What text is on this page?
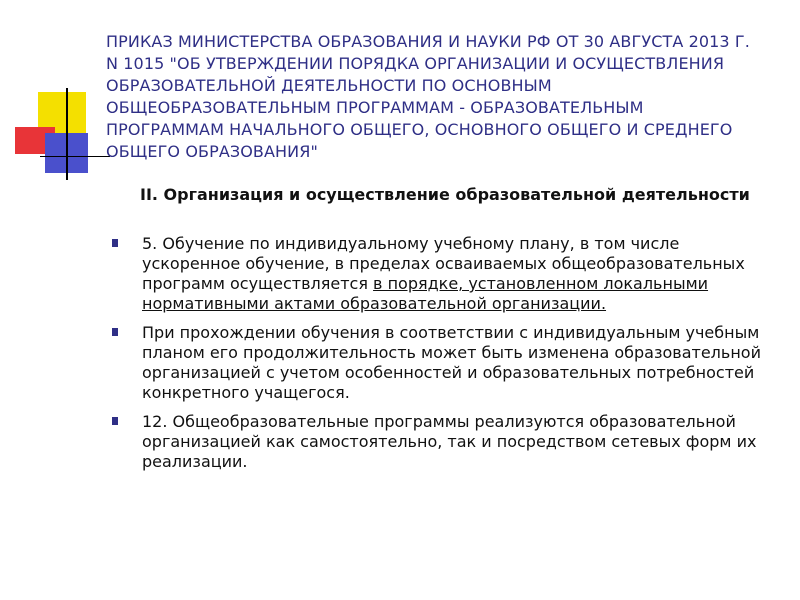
ПРИКАЗ МИНИСТЕРСТВА ОБРАЗОВАНИЯ И НАУКИ РФ ОТ 30 АВГУСТА 2013 Г. N 1015 "ОБ УТВЕРЖДЕНИИ ПОРЯДКА ОРГАНИЗАЦИИ И ОСУЩЕСТВЛЕНИЯ ОБРАЗОВАТЕЛЬНОЙ ДЕЯТЕЛЬНОСТИ ПО ОСНОВНЫМ ОБЩЕОБРАЗОВАТЕЛЬНЫМ ПРОГРАММАМ - ОБРАЗОВАТЕЛЬНЫМ ПРОГРАММАМ НАЧАЛЬНОГО ОБЩЕГО, ОСНОВНОГО ОБЩЕГО И СРЕДНЕГО ОБЩЕГО ОБРАЗОВАНИЯ"
II. Организация и осуществление образовательной деятельности
5. Обучение по индивидуальному учебному плану, в том числе ускоренное обучение, в пределах осваиваемых общеобразовательных программ осуществляется в порядке, установленном локальными нормативными актами образовательной организации.
При прохождении обучения в соответствии с индивидуальным учебным планом его продолжительность может быть изменена образовательной организацией с учетом особенностей и образовательных потребностей конкретного учащегося.
12. Общеобразовательные программы реализуются образовательной организацией как самостоятельно, так и посредством сетевых форм их реализации.
